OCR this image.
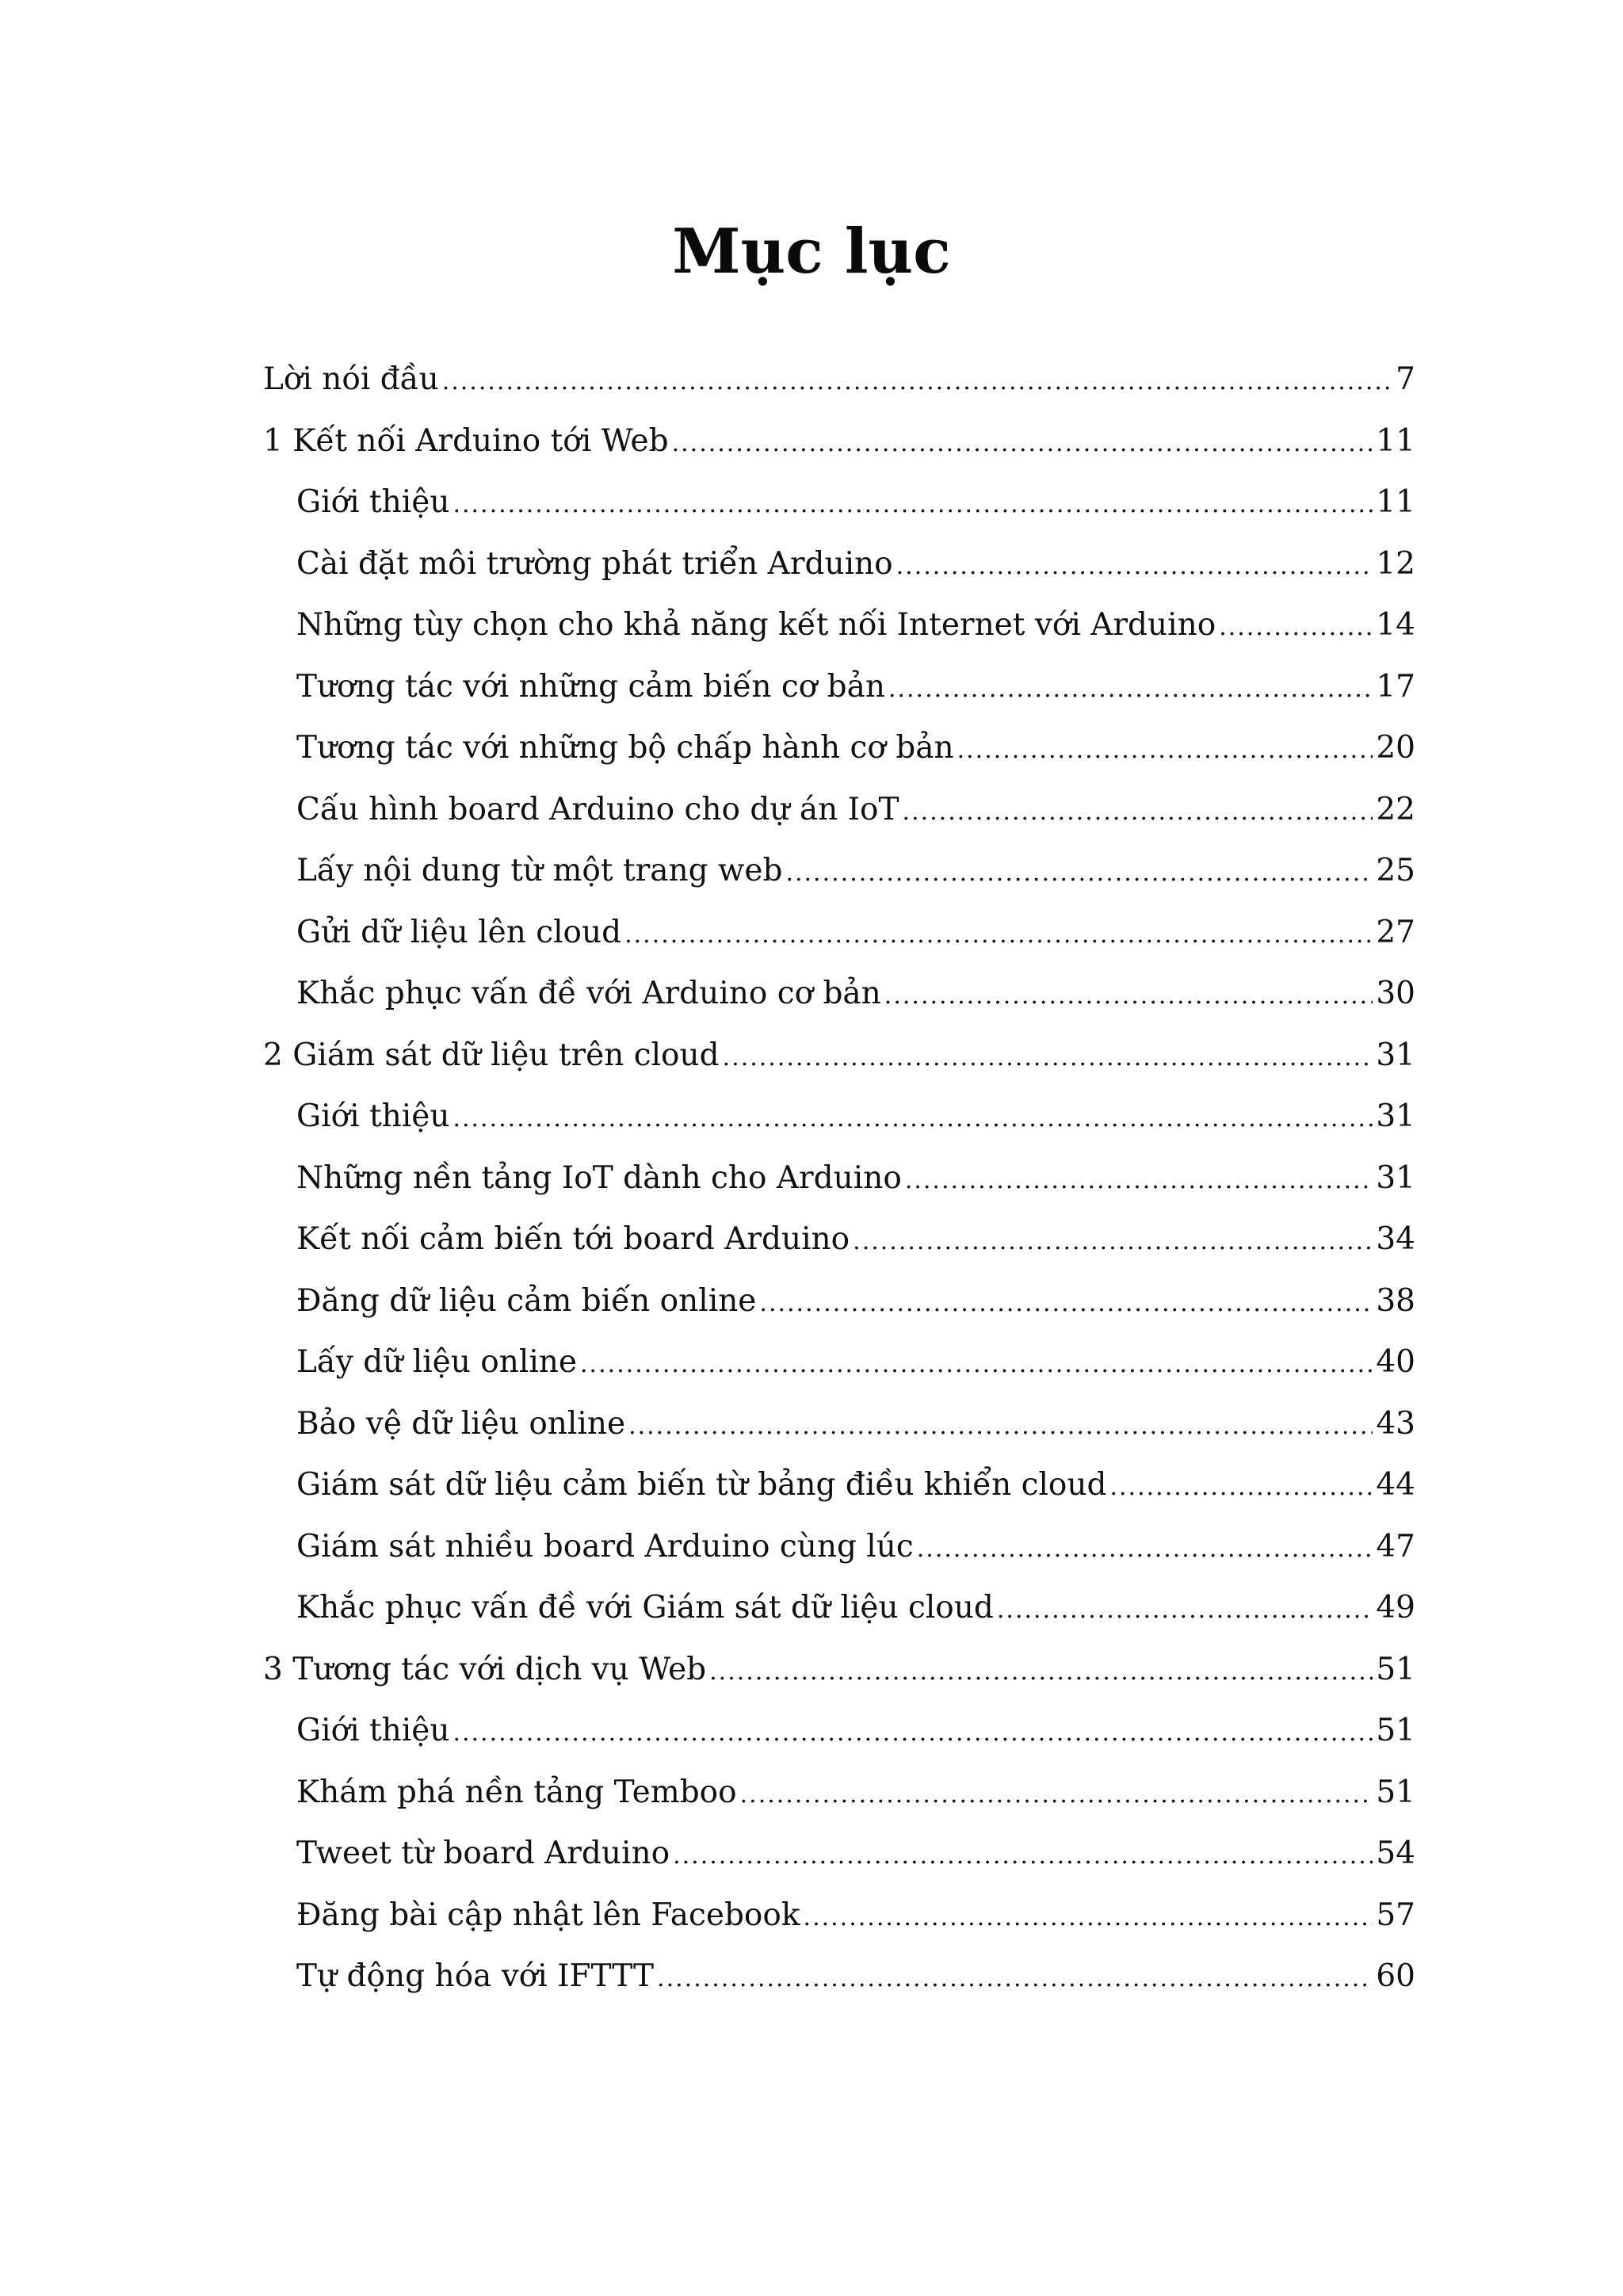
Mục lục
Lời nói đầu .....	7
1 Kết nối Arduino tới Web .....	11
Giới thiệu .....	11
Cài đặt môi trường phát triển Arduino .....	12
Những tùy chọn cho khả năng kết nối Internet với Arduino .....	14
Tương tác với những cảm biến cơ bản .....	17
Tương tác với những bộ chấp hành cơ bản .....	20
Cấu hình board Arduino cho dự án IoT .....	22
Lấy nội dung từ một trang web .....	25
Gửi dữ liệu lên cloud .....	27
Khắc phục vấn đề với Arduino cơ bản .....	30
2 Giám sát dữ liệu trên cloud .....	31
Giới thiệu .....	31
Những nền tảng IoT dành cho Arduino .....	31
Kết nối cảm biến tới board Arduino .....	34
Đăng dữ liệu cảm biến online .....	38
Lấy dữ liệu online .....	40
Bảo vệ dữ liệu online .....	43
Giám sát dữ liệu cảm biến từ bảng điều khiển cloud .....	44
Giám sát nhiều board Arduino cùng lúc .....	47
Khắc phục vấn đề với Giám sát dữ liệu cloud .....	49
3 Tương tác với dịch vụ Web .....	51
Giới thiệu .....	51
Khám phá nền tảng Temboo .....	51
Tweet từ board Arduino .....	54
Đăng bài cập nhật lên Facebook .....	57
Tự động hóa với IFTTT .....	60
